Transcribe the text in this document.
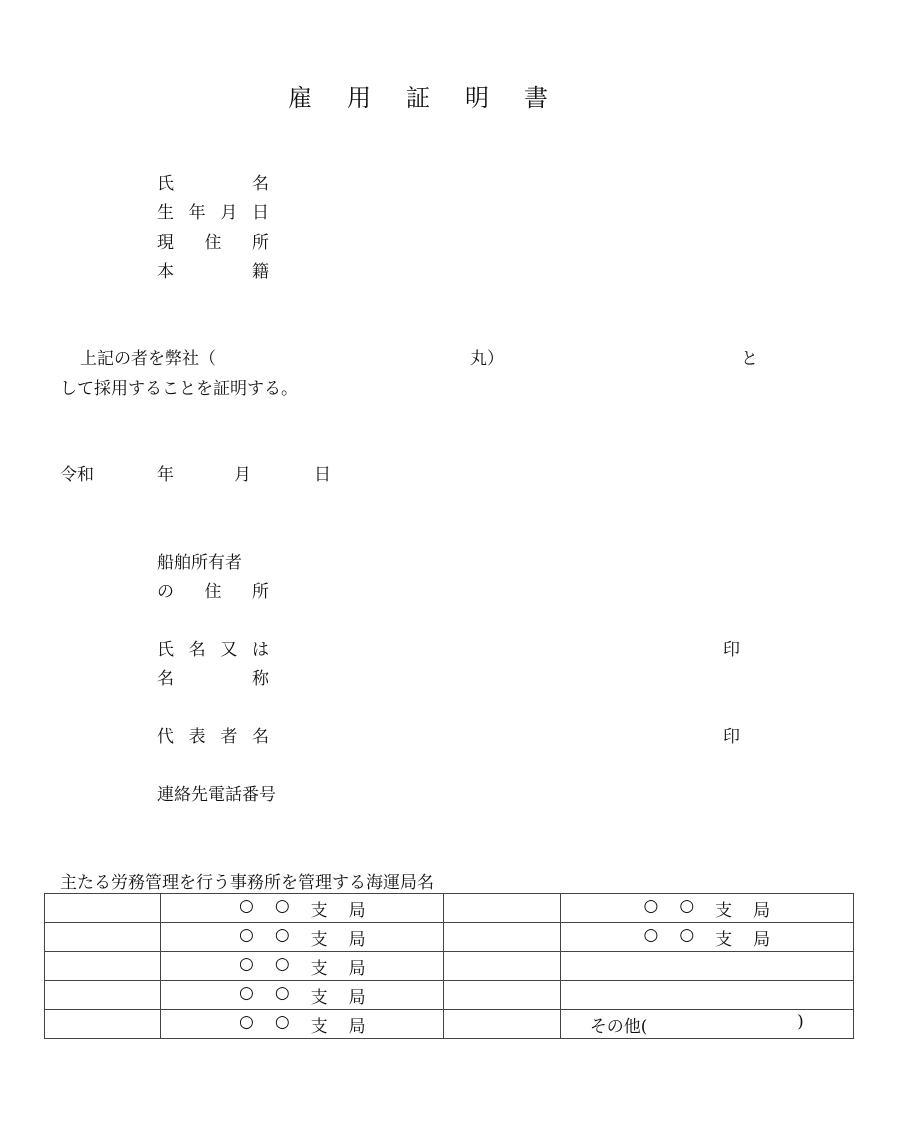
雇 用 証 明 書
氏	名
生 年 月 日
現 住 所
本	籍
上記の者を弊社（	丸）	と
して採用することを証明する。
令和	年	月	日
船舶所有者
の 住 所
氏 名 又 は
名	称
印
代 表 者 名	印
連絡先電話番号
主たる労務管理を行う事務所を管理する海運局名

	○ ○ 支 局		○ ○ 支 局

	○ ○ 支 局		○ ○ 支 局

	○ ○ 支 局		

	○ ○ 支 局		

	○ ○ 支 局		その他( )
